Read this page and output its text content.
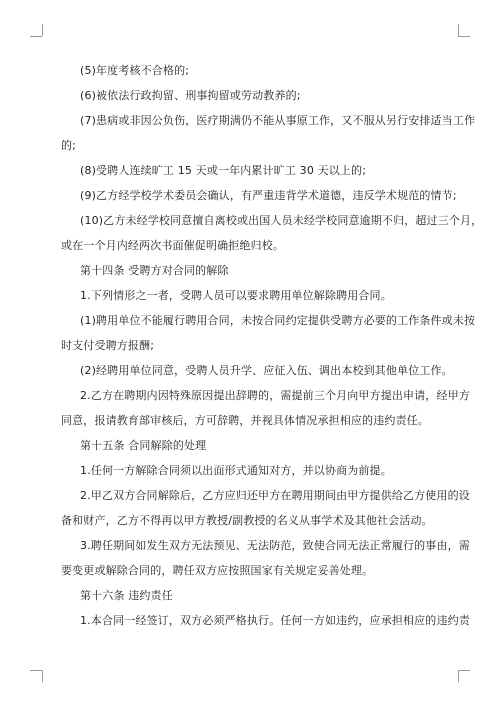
(5)年度考核不合格的;
(6)被依法行政拘留、刑事拘留或劳动教养的;
(7)患病或非因公负伤，医疗期满仍不能从事原工作，又不服从另行安排适当工作
的;
(8)受聘人连续旷工 15 天或一年内累计旷工 30 天以上的;
(9)乙方经学校学术委员会确认，有严重违背学术道德，违反学术规范的情节;
(10)乙方未经学校同意擅自离校或出国人员未经学校同意逾期不归，超过三个月，
或在一个月内经两次书面催促明确拒绝归校。
第十四条 受聘方对合同的解除
1.下列情形之一者，受聘人员可以要求聘用单位解除聘用合同。
(1)聘用单位不能履行聘用合同，未按合同约定提供受聘方必要的工作条件或未按
时支付受聘方报酬;
(2)经聘用单位同意，受聘人员升学、应征入伍、调出本校到其他单位工作。
2.乙方在聘期内因特殊原因提出辞聘的，需提前三个月向甲方提出申请，经甲方
同意，报请教育部审核后，方可辞聘，并视具体情况承担相应的违约责任。
第十五条 合同解除的处理
1.任何一方解除合同须以出面形式通知对方，并以协商为前提。
2.甲乙双方合同解除后，乙方应归还甲方在聘用期间由甲方提供给乙方使用的设
备和财产，乙方不得再以甲方教授/副教授的名义从事学术及其他社会活动。
3.聘任期间如发生双方无法预见、无法防范，致使合同无法正常履行的事由，需
要变更或解除合同的，聘任双方应按照国家有关规定妥善处理。
第十六条 违约责任
1.本合同一经签订，双方必须严格执行。任何一方如违约，应承担相应的违约责
